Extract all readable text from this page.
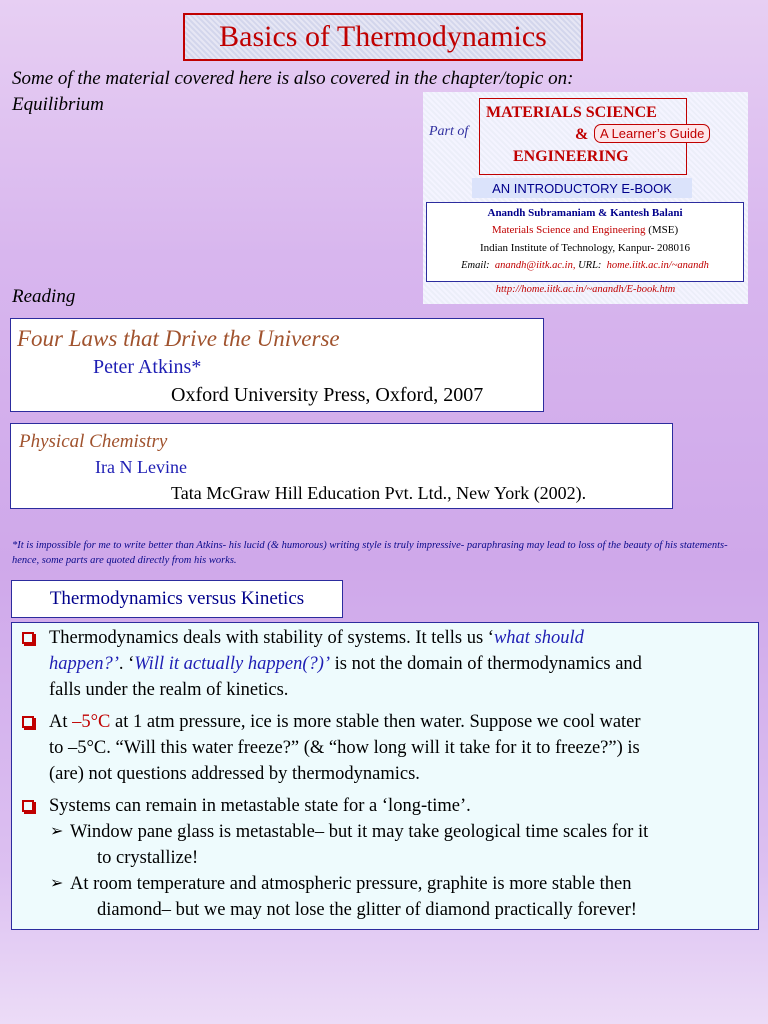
Basics of Thermodynamics
Some of the material covered here is also covered in the chapter/topic on:
Equilibrium
Part of
MATERIALS SCIENCE
&
ENGINEERING
A Learner’s Guide
AN INTRODUCTORY E-BOOK
Anandh Subramaniam & Kantesh Balani
Materials Science and Engineering (MSE)
Indian Institute of Technology, Kanpur- 208016
Email: anandh@iitk.ac.in, URL: home.iitk.ac.in/~anandh
http://home.iitk.ac.in/~anandh/E-book.htm
Reading
Four Laws that Drive the Universe
Peter Atkins*
Oxford University Press, Oxford, 2007
Physical Chemistry
Ira N Levine
Tata McGraw Hill Education Pvt. Ltd., New York (2002).
*It is impossible for me to write better than Atkins- his lucid (& humorous) writing style is truly impressive- paraphrasing may lead to loss of the beauty of his statements- hence, some parts are quoted directly from his works.
Thermodynamics versus Kinetics
Thermodynamics deals with stability of systems. It tells us ‘what should
happen?’. ‘Will it actually happen(?)’ is not the domain of thermodynamics and
falls under the realm of kinetics.
At –5°C at 1 atm pressure, ice is more stable then water. Suppose we cool water
to –5°C. “Will this water freeze?” (& “how long will it take for it to freeze?”) is
(are) not questions addressed by thermodynamics.
Systems can remain in metastable state for a ‘long-time’.
➢ Window pane glass is metastable– but it may take geological time scales for it
to crystallize!
➢ At room temperature and atmospheric pressure, graphite is more stable then
diamond– but we may not lose the glitter of diamond practically forever!
